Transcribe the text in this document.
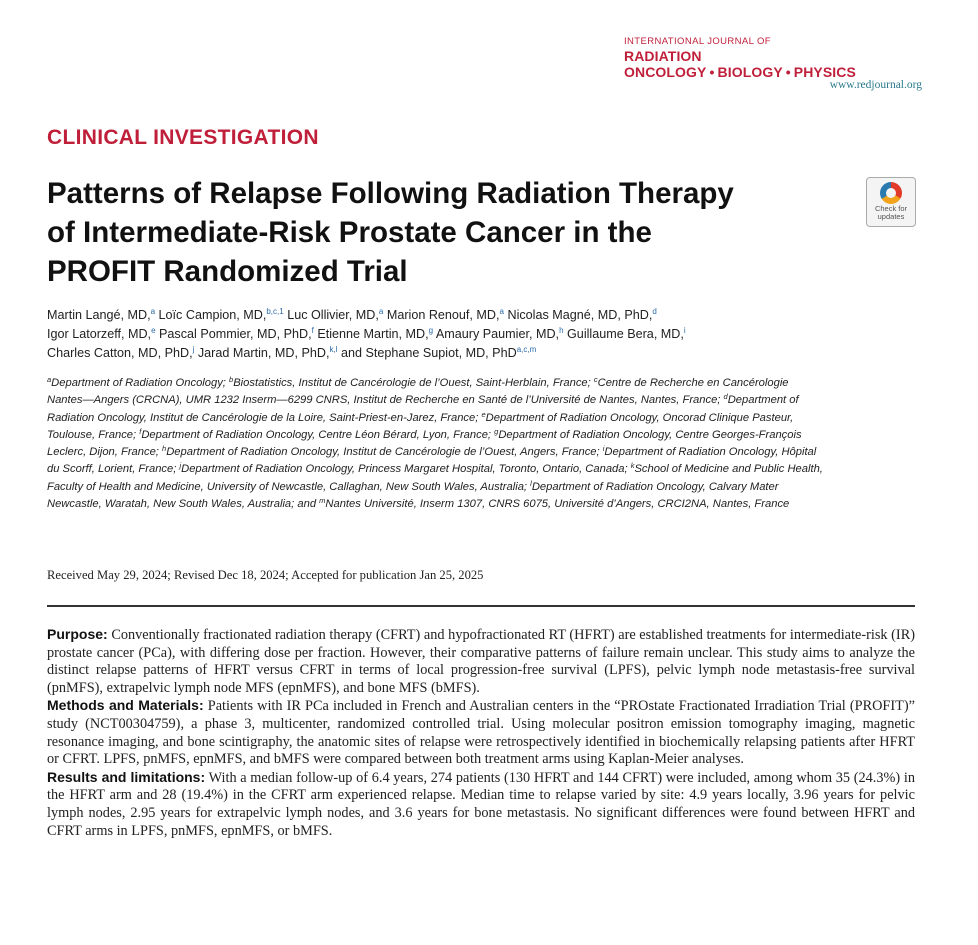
INTERNATIONAL JOURNAL OF
RADIATION ONCOLOGY • BIOLOGY • PHYSICS
www.redjournal.org
CLINICAL INVESTIGATION
Patterns of Relapse Following Radiation Therapy of Intermediate-Risk Prostate Cancer in the PROFIT Randomized Trial
Check for
updates
Martin Langé, MD,$^a$ Loïc Campion, MD,$^{b,c,1}$ Luc Ollivier, MD,$^a$ Marion Renouf, MD,$^a$ Nicolas Magné, MD, PhD,$^d$
Igor Latorzeff, MD,$^e$ Pascal Pommier, MD, PhD,$^f$ Etienne Martin, MD,$^g$ Amaury Paumier, MD,$^h$ Guillaume Bera, MD,$^i$
Charles Catton, MD, PhD,$^j$ Jarad Martin, MD, PhD,$^{k,l}$ and Stephane Supiot, MD, PhD$^{a,c,m}$
$^a$Department of Radiation Oncology; $^b$Biostatistics, Institut de Cancérologie de l’Ouest, Saint-Herblain, France; $^c$Centre de Recherche en Cancérologie Nantes—Angers (CRCNA), UMR 1232 Inserm—6299 CNRS, Institut de Recherche en Santé de l’Université de Nantes, Nantes, France; $^d$Department of Radiation Oncology, Institut de Cancérologie de la Loire, Saint-Priest-en-Jarez, France; $^e$Department of Radiation Oncology, Oncorad Clinique Pasteur, Toulouse, France; $^f$Department of Radiation Oncology, Centre Léon Bérard, Lyon, France; $^g$Department of Radiation Oncology, Centre Georges-François Leclerc, Dijon, France; $^h$Department of Radiation Oncology, Institut de Cancérologie de l’Ouest, Angers, France; $^i$Department of Radiation Oncology, Hôpital du Scorff, Lorient, France; $^j$Department of Radiation Oncology, Princess Margaret Hospital, Toronto, Ontario, Canada; $^k$School of Medicine and Public Health, Faculty of Health and Medicine, University of Newcastle, Callaghan, New South Wales, Australia; $^l$Department of Radiation Oncology, Calvary Mater Newcastle, Waratah, New South Wales, Australia; and $^m$Nantes Université, Inserm 1307, CNRS 6075, Université d’Angers, CRCI2NA, Nantes, France
Received May 29, 2024; Revised Dec 18, 2024; Accepted for publication Jan 25, 2025

Purpose: Conventionally fractionated radiation therapy (CFRT) and hypofractionated RT (HFRT) are established treatments for intermediate-risk (IR) prostate cancer (PCa), with differing dose per fraction. However, their comparative patterns of failure remain unclear. This study aims to analyze the distinct relapse patterns of HFRT versus CFRT in terms of local progression-free survival (LPFS), pelvic lymph node metastasis-free survival (pnMFS), extrapelvic lymph node MFS (epnMFS), and bone MFS (bMFS).

Methods and Materials: Patients with IR PCa included in French and Australian centers in the “PROstate Fractionated Irradiation Trial (PROFIT)” study (NCT00304759), a phase 3, multicenter, randomized controlled trial. Using molecular positron emission tomography imaging, magnetic resonance imaging, and bone scintigraphy, the anatomic sites of relapse were retrospectively identified in biochemically relapsing patients after HFRT or CFRT. LPFS, pnMFS, epnMFS, and bMFS were compared between both treatment arms using Kaplan-Meier analyses.

Results and limitations: With a median follow-up of 6.4 years, 274 patients (130 HFRT and 144 CFRT) were included, among whom 35 (24.3%) in the HFRT arm and 28 (19.4%) in the CFRT arm experienced relapse. Median time to relapse varied by site: 4.9 years locally, 3.96 years for pelvic lymph nodes, 2.95 years for extrapelvic lymph nodes, and 3.6 years for bone metastasis. No significant differences were found between HFRT and CFRT arms in LPFS, pnMFS, epnMFS, or bMFS.
